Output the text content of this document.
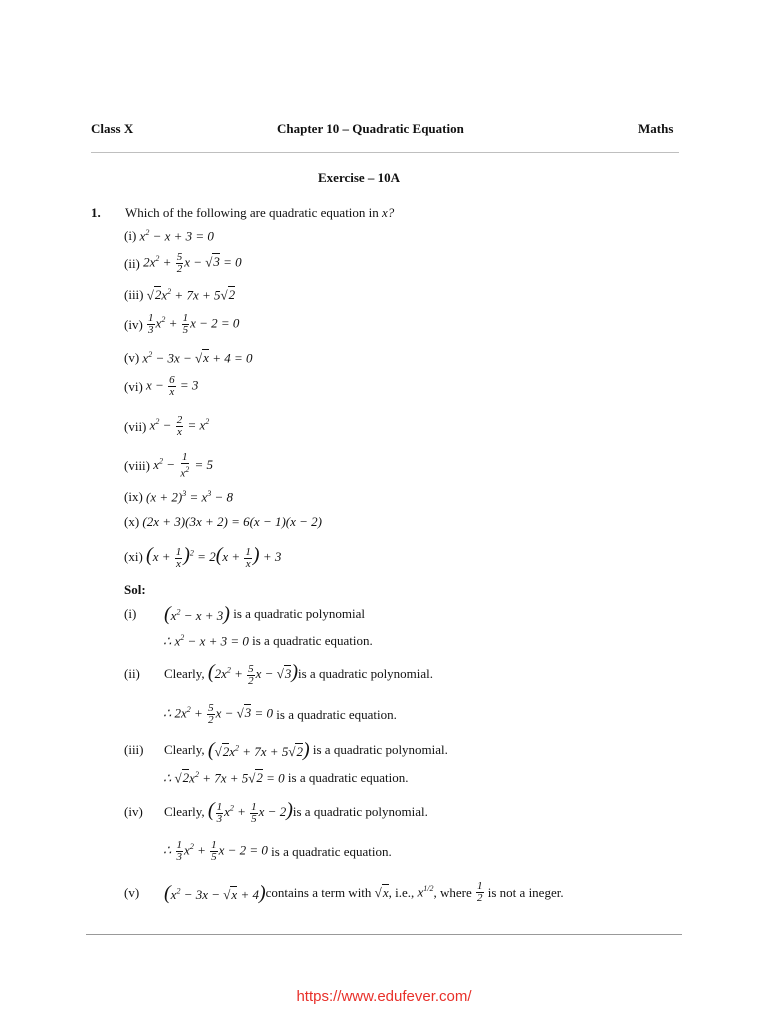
Class X	Chapter 10 – Quadratic Equation	Maths
Exercise – 10A
1.	Which of the following are quadratic equation in
x?
(i)
$x^2 - x + 3 = 0$
(ii)
$2x^2 + \frac{5}{2}$ x − √3 = 0
(iii)
$√2x^2 + 7x + 5√2$
(iv)
$\frac{1}{3} x^2 + \frac{1}{5}$ x − 2 = 0
(v)
$x^2 - 3x - √x + 4 = 0$
(vi)
$x - \frac{6}{x} = 3$
(vii)
$x^2 - \frac{2}{x} = x^2$
(viii)
$x^2 - \frac{1}{x^2} = 5$
(ix)
$(x + 2)^3 = x^3 - 8$
(x)
(2x + 3)(3x + 2) = 6(x − 1)(x − 2)
(xi)
$(x + \frac{1}{x} )^2 = 2(x + \frac{1}{x}$ ) + 3
Sol:
(i)	$(x^2 - x + 3)$
is a quadratic polynomial
∴ $x^2 - x + 3 = 0$
is a quadratic equation.
(ii)	Clearly,
($2x^2 + \frac{5}{2}$ x − √3) is a quadratic polynomial.
∴ $2x^2 + \frac{5}{2}$ x − √3 = 0
is a quadratic equation.
(iii)	Clearly,
$(√2x^2 + 7x + 5√2)$
is a quadratic polynomial.
∴ $√2x^2 + 7x + 5√2 = 0$
is a quadratic equation.
(iv)	Clearly,
( $\frac{1}{3} x^2 + \frac{1}{5}$ x − 2) is a quadratic polynomial.
∴ $\frac{1}{3} x^2 + \frac{1}{5}$ x − 2 = 0
is a quadratic equation.
(v)	$(x^2 - 3x - √x + 4)$ contains a term with
√x , i.e.,
$x^{1/2}$ , where
$\frac{1}{2}$
is not a ineger.
https://www.edufever.com/
